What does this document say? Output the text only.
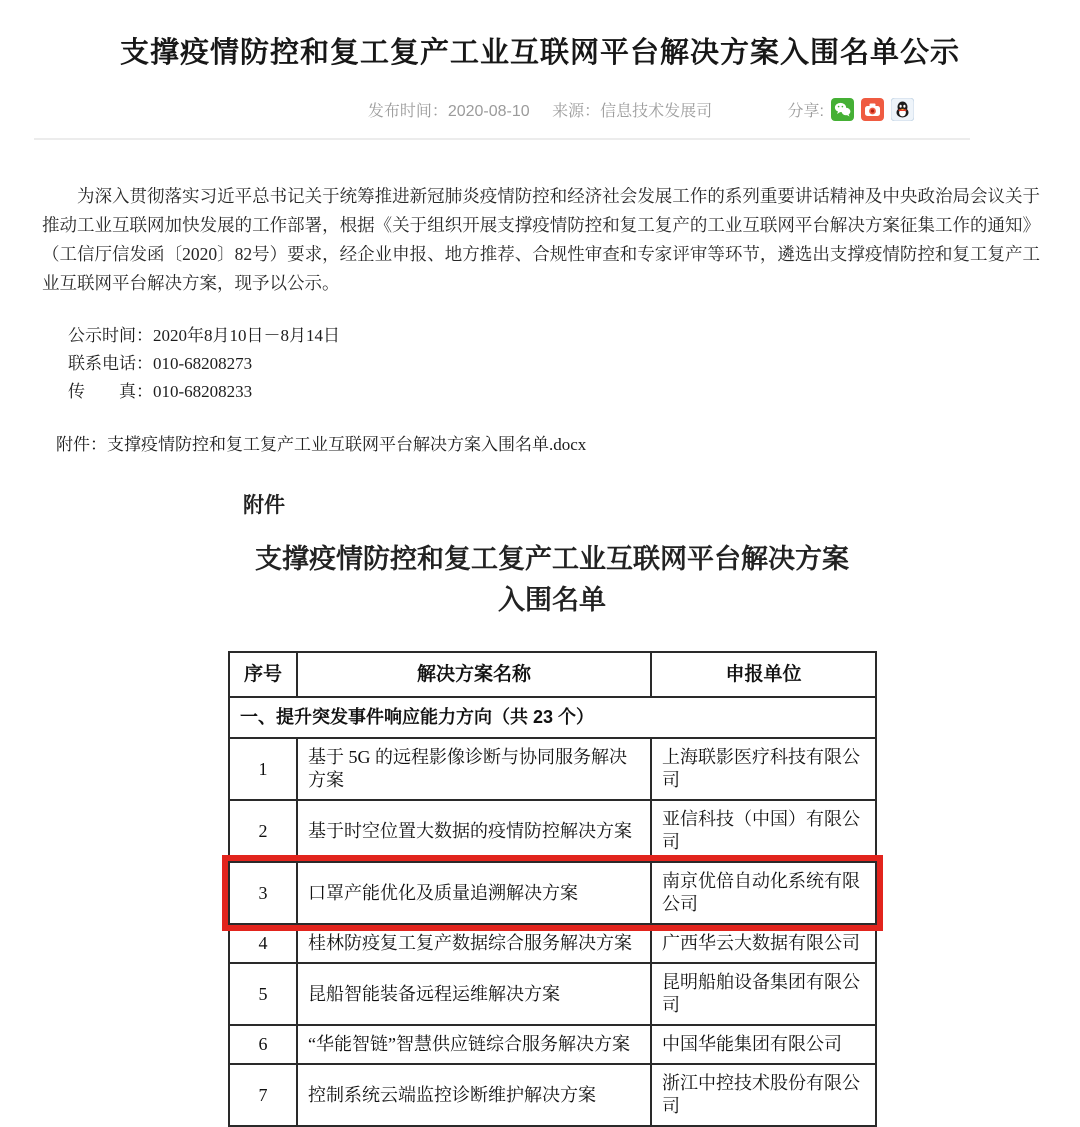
支撑疫情防控和复工复产工业互联网平台解决方案入围名单公示
发布时间：2020-08-10 来源：信息技术发展司	分享:

为深入贯彻落实习近平总书记关于统筹推进新冠肺炎疫情防控和经济社会发展工作的系列重要讲话精神及中央政治局会议关于推动工业互联网加快发展的工作部署，根据《关于组织开展支撑疫情防控和复工复产的工业互联网平台解决方案征集工作的通知》（工信厅信发函〔2020〕82号）要求，经企业申报、地方推荐、合规性审查和专家评审等环节，遴选出支撑疫情防控和复工复产工业互联网平台解决方案，现予以公示。

公示时间：2020年8月10日－8月14日
联系电话：010-68208273
传　　真：010-68208233
附件：支撑疫情防控和复工复产工业互联网平台解决方案入围名单.docx

附件

支撑疫情防控和复工复产工业互联网平台解决方案
入围名单
序号	解决方案名称	申报单位
一、提升突发事件响应能力方向（共 23 个）		
1	基于 5G 的远程影像诊断与协同服务解决方案	上海联影医疗科技有限公司
2	基于时空位置大数据的疫情防控解决方案	亚信科技（中国）有限公司
3	口罩产能优化及质量追溯解决方案	南京优倍自动化系统有限公司
4	桂林防疫复工复产数据综合服务解决方案	广西华云大数据有限公司
5	昆船智能装备远程运维解决方案	昆明船舶设备集团有限公司
6	“华能智链”智慧供应链综合服务解决方案	中国华能集团有限公司
7	控制系统云端监控诊断维护解决方案	浙江中控技术股份有限公司
